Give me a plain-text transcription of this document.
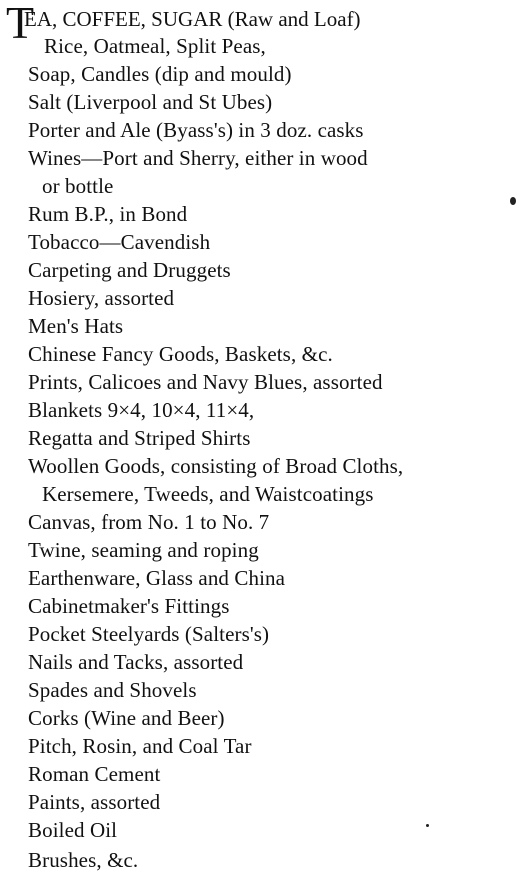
T
EA, COFFEE, SUGAR (Raw and Loaf)
Rice, Oatmeal, Split Peas,
Soap, Candles (dip and mould)
Salt (Liverpool and St Ubes)
Porter and Ale (Byass's) in 3 doz. casks
Wines—Port and Sherry, either in wood
or bottle
Rum B.P., in Bond
Tobacco—Cavendish
Carpeting and Druggets
Hosiery, assorted
Men's Hats
Chinese Fancy Goods, Baskets, &c.
Prints, Calicoes and Navy Blues, assorted
Blankets 9×4, 10×4, 11×4,
Regatta and Striped Shirts
Woollen Goods, consisting of Broad Cloths,
Kersemere, Tweeds, and Waistcoatings
Canvas, from No. 1 to No. 7
Twine, seaming and roping
Earthenware, Glass and China
Cabinetmaker's Fittings
Pocket Steelyards (Salters's)
Nails and Tacks, assorted
Spades and Shovels
Corks (Wine and Beer)
Pitch, Rosin, and Coal Tar
Roman Cement
Paints, assorted
Boiled Oil
Brushes, &c.
